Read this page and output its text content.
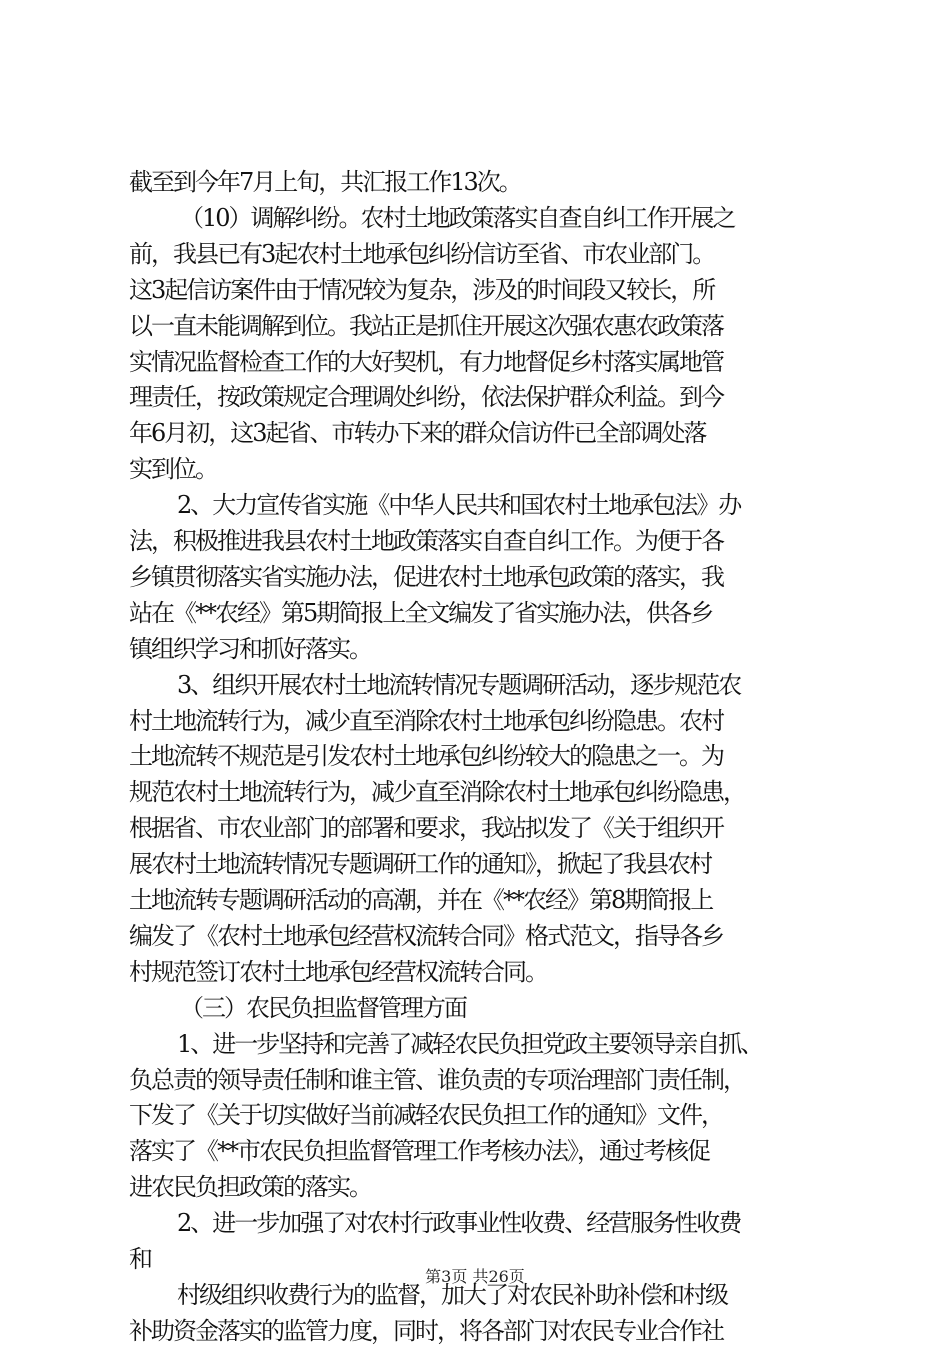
截至到今年7月上旬，共汇报工作13次。
（10）调解纠纷。农村土地政策落实自查自纠工作开展之
前，我县已有3起农村土地承包纠纷信访至省、市农业部门。
这3起信访案件由于情况较为复杂，涉及的时间段又较长，所
以一直未能调解到位。我站正是抓住开展这次强农惠农政策落
实情况监督检查工作的大好契机，有力地督促乡村落实属地管
理责任，按政策规定合理调处纠纷，依法保护群众利益。到今
年6月初，这3起省、市转办下来的群众信访件已全部调处落
实到位。
2、大力宣传省实施《中华人民共和国农村土地承包法》办
法，积极推进我县农村土地政策落实自查自纠工作。为便于各
乡镇贯彻落实省实施办法，促进农村土地承包政策的落实，我
站在《**农经》第5期简报上全文编发了省实施办法，供各乡
镇组织学习和抓好落实。
3、组织开展农村土地流转情况专题调研活动，逐步规范农
村土地流转行为，减少直至消除农村土地承包纠纷隐患。农村
土地流转不规范是引发农村土地承包纠纷较大的隐患之一。为
规范农村土地流转行为，减少直至消除农村土地承包纠纷隐患，
根据省、市农业部门的部署和要求，我站拟发了《关于组织开
展农村土地流转情况专题调研工作的通知》，掀起了我县农村
土地流转专题调研活动的高潮，并在《**农经》第8期简报上
编发了《农村土地承包经营权流转合同》格式范文，指导各乡
村规范签订农村土地承包经营权流转合同。
（三）农民负担监督管理方面
1、进一步坚持和完善了减轻农民负担党政主要领导亲自抓、
负总责的领导责任制和谁主管、谁负责的专项治理部门责任制，
下发了《关于切实做好当前减轻农民负担工作的通知》文件，
落实了《**市农民负担监督管理工作考核办法》，通过考核促
进农民负担政策的落实。
2、进一步加强了对农村行政事业性收费、经营服务性收费
和
村级组织收费行为的监督，加大了对农民补助补偿和村级
补助资金落实的监管力度，同时，将各部门对农民专业合作社
第3页 共26页
